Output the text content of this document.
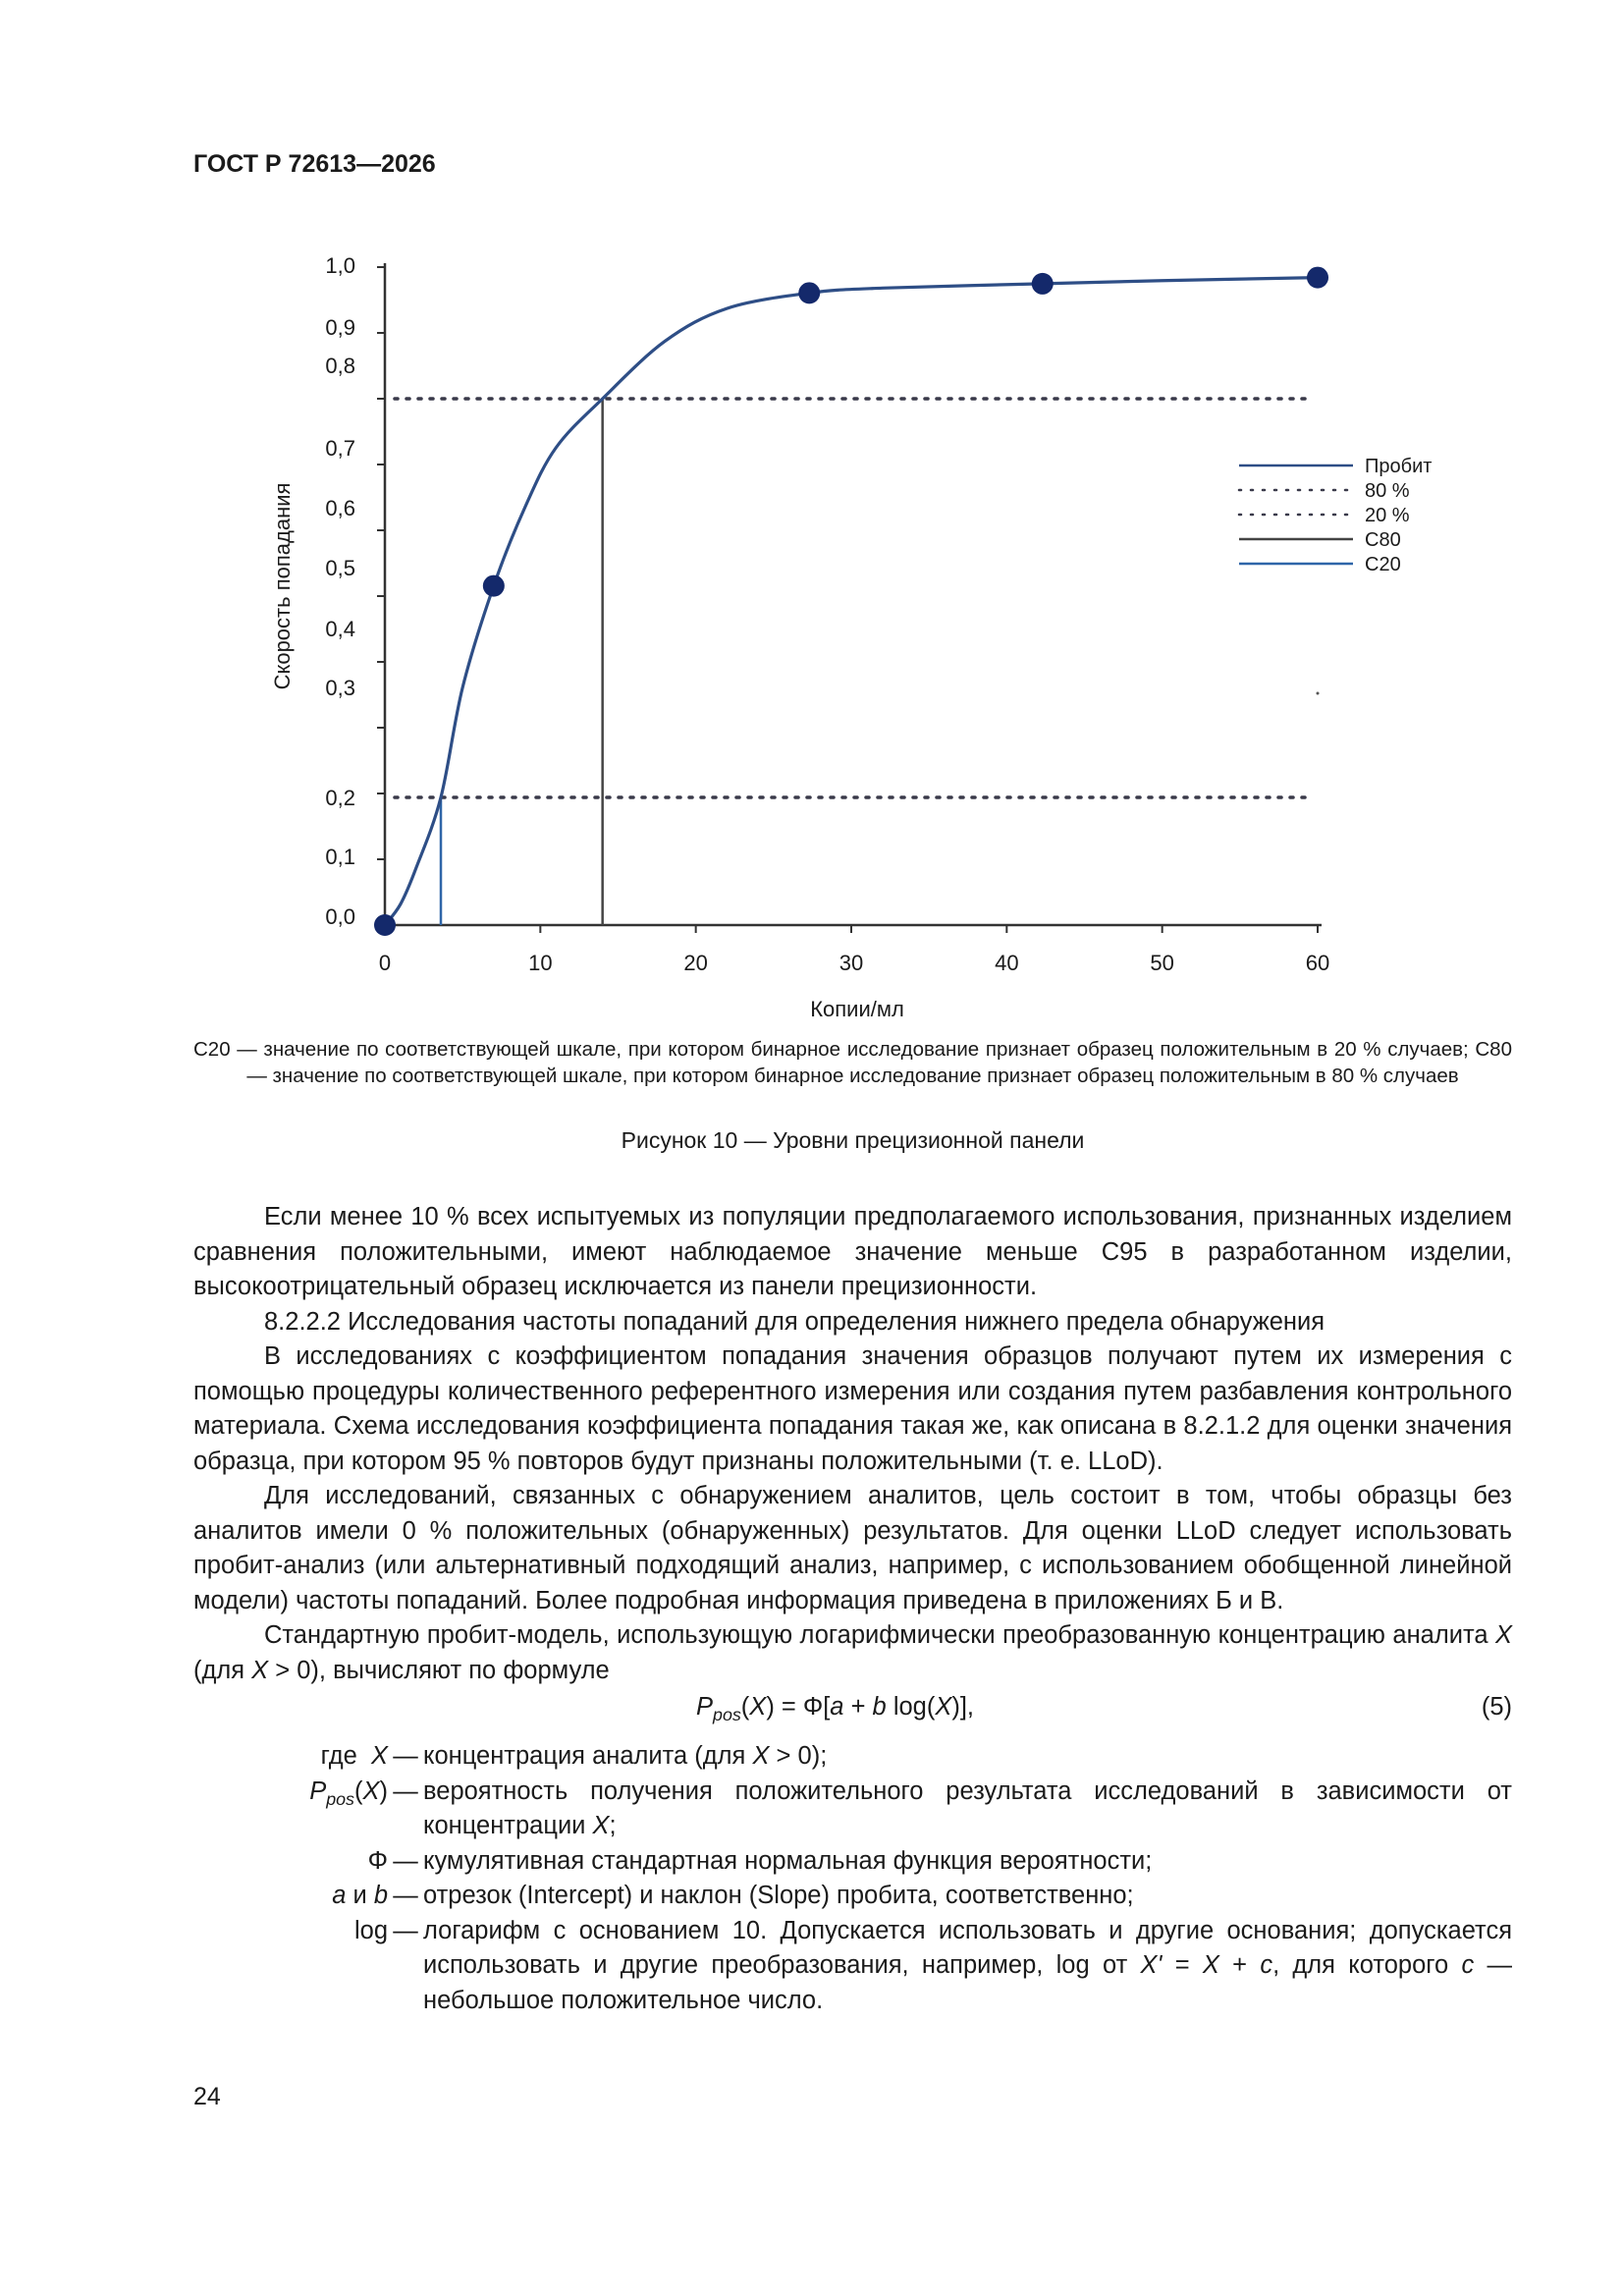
ГОСТ Р 72613—2026
0,0
0,1
0,2
0,3
0,4
0,5
0,6
0,7
0,8
0,9
1,0
0	10	20	30	40	50	60
Копии/мл
Скорость попадания
Пробит
80 %
20 %
C80
C20
C20 — значение по соответствующей шкале, при котором бинарное исследование признает образец положительным в 20 % случаев; C80 — значение по соответствующей шкале, при котором бинарное исследование признает образец положительным в 80 % случаев
Рисунок 10 — Уровни прецизионной панели

Если менее 10 % всех испытуемых из популяции предполагаемого использования, признанных изделием сравнения положительными, имеют наблюдаемое значение меньше С95 в разработанном изделии, высокоотрицательный образец исключается из панели прецизионности.

8.2.2.2 Исследования частоты попаданий для определения нижнего предела обнаружения

В исследованиях с коэффициентом попадания значения образцов получают путем их измерения с помощью процедуры количественного референтного измерения или создания путем разбавления контрольного материала. Схема исследования коэффициента попадания такая же, как описана в 8.2.1.2 для оценки значения образца, при котором 95 % повторов будут признаны положительными (т. е. LLoD).

Для исследований, связанных с обнаружением аналитов, цель состоит в том, чтобы образцы без аналитов имели 0 % положительных (обнаруженных) результатов. Для оценки LLoD следует использовать пробит-анализ (или альтернативный подходящий анализ, например, с использованием обобщенной линейной модели) частоты попаданий. Более подробная информация приведена в приложениях Б и В.

Стандартную пробит-модель, использующую логарифмически преобразованную концентрацию аналита X (для X > 0), вычисляют по формуле

$P_{pos}(X) = \Phi[a + b$ log(X)],	(5)
где X — концентрация аналита (для X > 0);
$P_{pos}(X)$ — вероятность получения положительного результата исследований в зависимости от концентрации X;
Φ — кумулятивная стандартная нормальная функция вероятности;
a и b — отрезок (Intercept) и наклон (Slope) пробита, соответственно;
log — логарифм с основанием 10. Допускается использовать и другие основания; допускается использовать и другие преобразования, например, log от X' = X + c, для которого c — небольшое положительное число.
24
